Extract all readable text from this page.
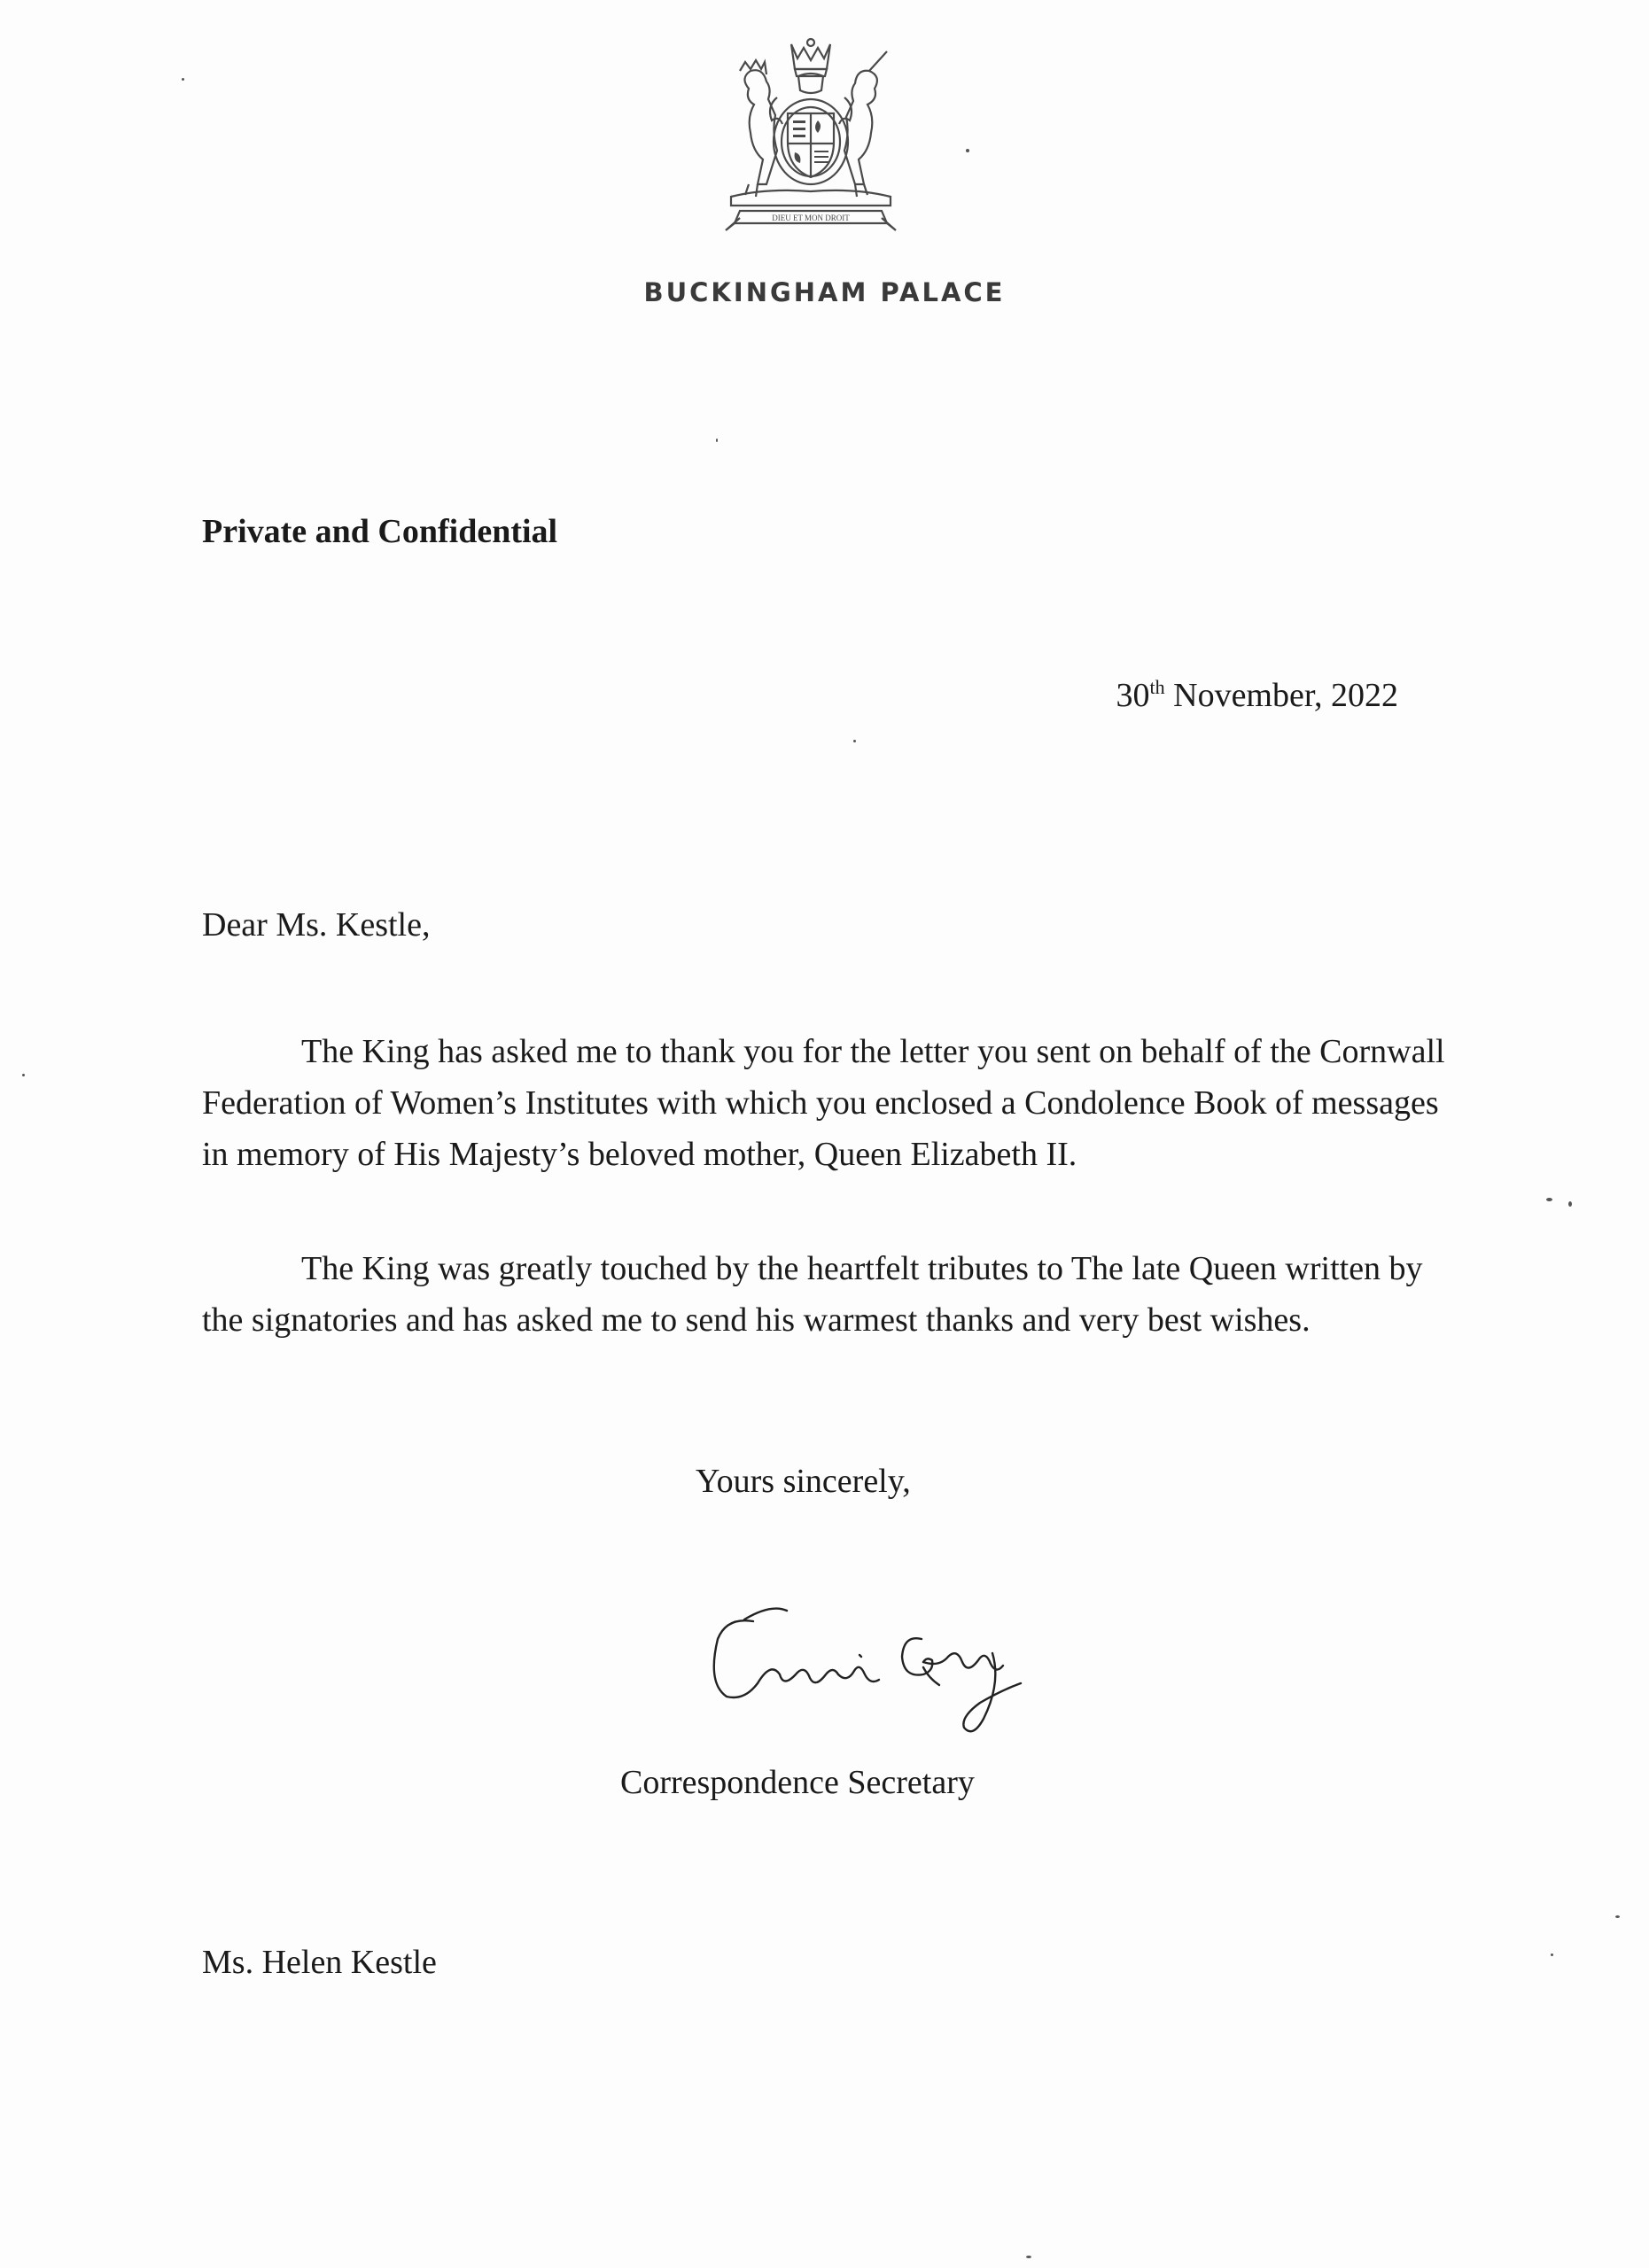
DIEU ET MON DROIT
BUCKINGHAM PALACE
Private and Confidential
30th November, 2022
Dear Ms. Kestle,

The King has asked me to thank you for the letter you sent on behalf of the Cornwall Federation of Women’s Institutes with which you enclosed a Condolence Book of messages in memory of His Majesty’s beloved mother, Queen Elizabeth II.

The King was greatly touched by the heartfelt tributes to The late Queen written by the signatories and has asked me to send his warmest thanks and very best wishes.

Yours sincerely,
Correspondence Secretary
Ms. Helen Kestle
